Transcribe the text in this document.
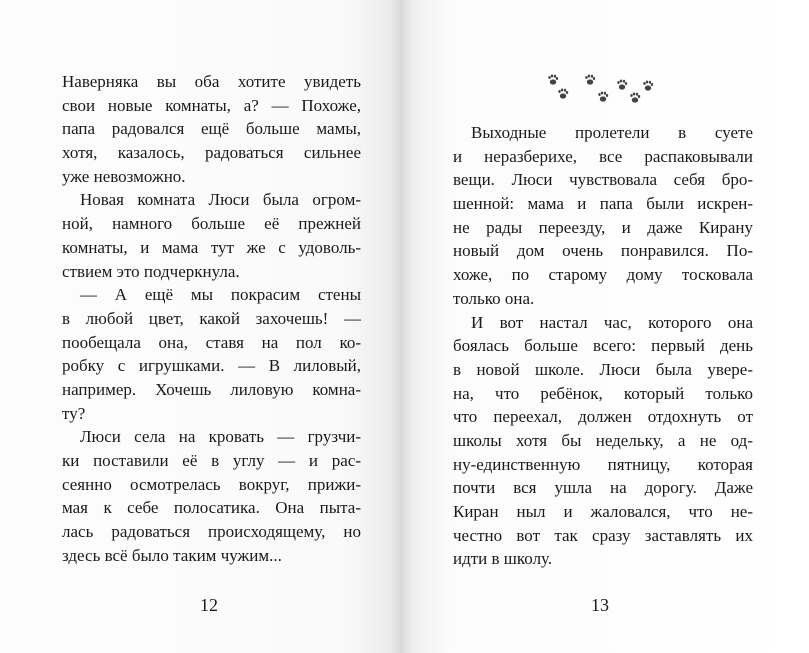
Наверняка вы оба хотите увидеть
свои новые комнаты, а? — Похоже,
папа радовался ещё больше мамы,
хотя, казалось, радоваться сильнее
уже невозможно.
Новая комната Люси была огром-
ной, намного больше её прежней
комнаты, и мама тут же с удоволь-
ствием это подчеркнула.
— А ещё мы покрасим стены
в любой цвет, какой захочешь! —
пообещала она, ставя на пол ко-
робку с игрушками. — В лиловый,
например. Хочешь лиловую комна-
ту?
Люси села на кровать — грузчи-
ки поставили её в углу — и рас-
сеянно осмотрелась вокруг, прижи-
мая к себе полосатика. Она пыта-
лась радоваться происходящему, но
здесь всё было таким чужим...
12
Выходные пролетели в суете
и неразберихе, все распаковывали
вещи. Люси чувствовала себя бро-
шенной: мама и папа были искрен-
не рады переезду, и даже Кирану
новый дом очень понравился. По-
хоже, по старому дому тосковала
только она.
И вот настал час, которого она
боялась больше всего: первый день
в новой школе. Люси была увере-
на, что ребёнок, который только
что переехал, должен отдохнуть от
школы хотя бы недельку, а не од-
ну-единственную пятницу, которая
почти вся ушла на дорогу. Даже
Киран ныл и жаловался, что не-
честно вот так сразу заставлять их
идти в школу.
13
